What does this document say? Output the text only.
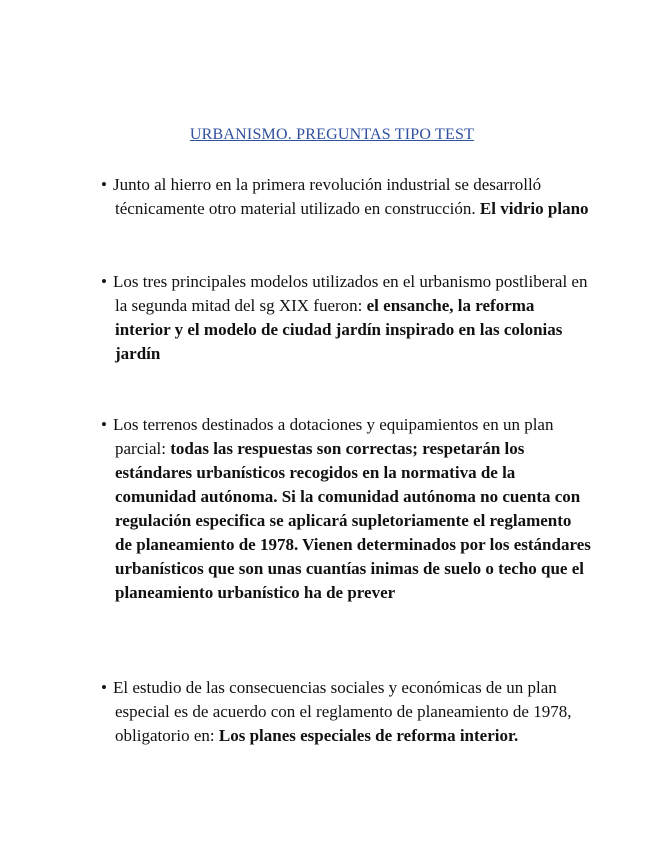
URBANISMO. PREGUNTAS TIPO TEST
• Junto al hierro en la primera revolución industrial se desarrolló técnicamente otro material utilizado en construcción. El vidrio plano
• Los tres principales modelos utilizados en el urbanismo postliberal en la segunda mitad del sg XIX fueron: el ensanche, la reforma interior y el modelo de ciudad jardín inspirado en las colonias jardín
• Los terrenos destinados a dotaciones y equipamientos en un plan parcial: todas las respuestas son correctas; respetarán los estándares urbanísticos recogidos en la normativa de la comunidad autónoma. Si la comunidad autónoma no cuenta con regulación especifica se aplicará supletoriamente el reglamento de planeamiento de 1978. Vienen determinados por los estándares urbanísticos que son unas cuantías inimas de suelo o techo que el planeamiento urbanístico ha de prever
• El estudio de las consecuencias sociales y económicas de un plan especial es de acuerdo con el reglamento de planeamiento de 1978, obligatorio en: Los planes especiales de reforma interior.
